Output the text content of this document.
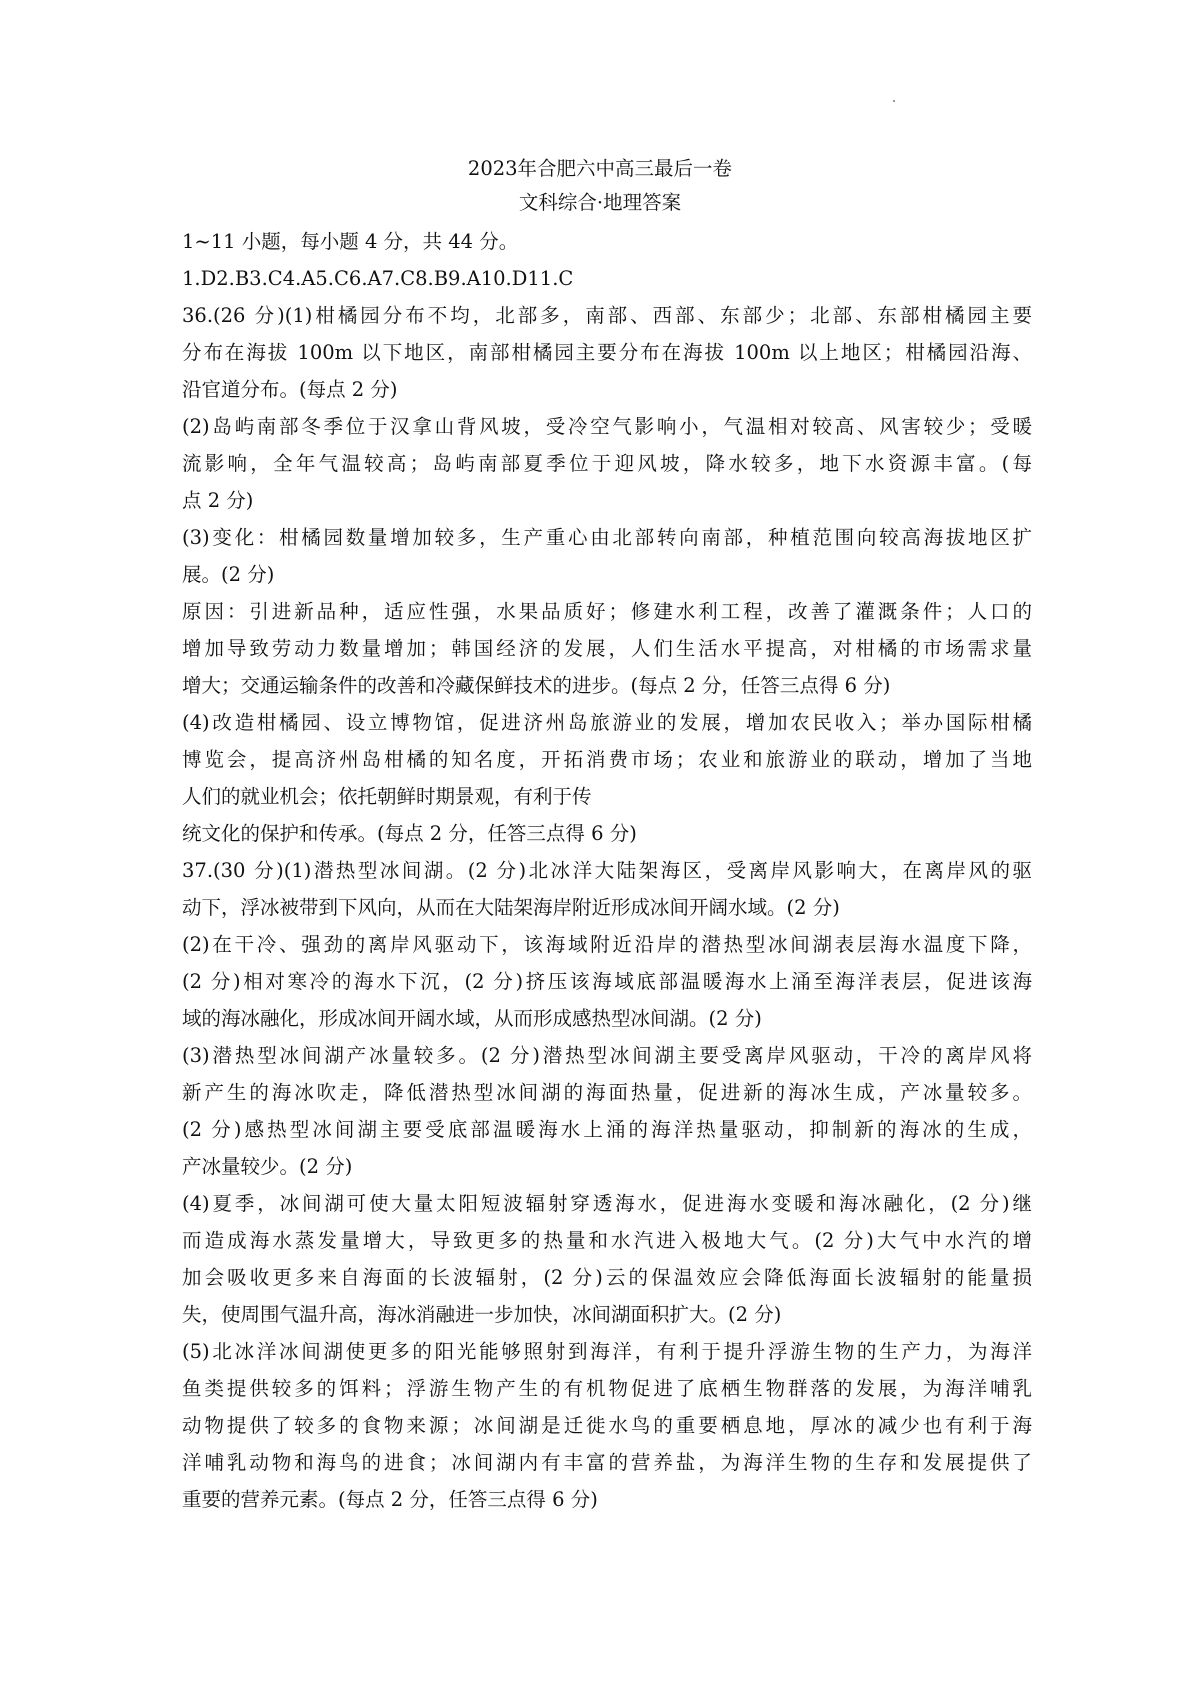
2023年合肥六中高三最后一卷
文科综合·地理答案
1~11 小题，每小题 4 分，共 44 分。
1.D2.B3.C4.A5.C6.A7.C8.B9.A10.D11.C
36.(26 分)(1)柑橘园分布不均，北部多，南部、西部、东部少；北部、东部柑橘园主要
分布在海拔 100m 以下地区，南部柑橘园主要分布在海拔 100m 以上地区；柑橘园沿海、
沿官道分布。(每点 2 分)
(2)岛屿南部冬季位于汉拿山背风坡，受冷空气影响小，气温相对较高、风害较少；受暖
流影响，全年气温较高；岛屿南部夏季位于迎风坡，降水较多，地下水资源丰富。(每
点 2 分)
(3)变化：柑橘园数量增加较多，生产重心由北部转向南部，种植范围向较高海拔地区扩
展。(2 分)
原因：引进新品种，适应性强，水果品质好；修建水利工程，改善了灌溉条件；人口的
增加导致劳动力数量增加；韩国经济的发展，人们生活水平提高，对柑橘的市场需求量
增大；交通运输条件的改善和冷藏保鲜技术的进步。(每点 2 分，任答三点得 6 分)
(4)改造柑橘园、设立博物馆，促进济州岛旅游业的发展，增加农民收入；举办国际柑橘
博览会，提高济州岛柑橘的知名度，开拓消费市场；农业和旅游业的联动，增加了当地
人们的就业机会；依托朝鲜时期景观，有利于传
统文化的保护和传承。(每点 2 分，任答三点得 6 分)
37.(30 分)(1)潜热型冰间湖。(2 分)北冰洋大陆架海区，受离岸风影响大，在离岸风的驱
动下，浮冰被带到下风向，从而在大陆架海岸附近形成冰间开阔水域。(2 分)
(2)在干冷、强劲的离岸风驱动下，该海域附近沿岸的潜热型冰间湖表层海水温度下降，
(2 分)相对寒冷的海水下沉，(2 分)挤压该海域底部温暖海水上涌至海洋表层，促进该海
域的海冰融化，形成冰间开阔水域，从而形成感热型冰间湖。(2 分)
(3)潜热型冰间湖产冰量较多。(2 分)潜热型冰间湖主要受离岸风驱动，干冷的离岸风将
新产生的海冰吹走，降低潜热型冰间湖的海面热量，促进新的海冰生成，产冰量较多。
(2 分)感热型冰间湖主要受底部温暖海水上涌的海洋热量驱动，抑制新的海冰的生成，
产冰量较少。(2 分)
(4)夏季，冰间湖可使大量太阳短波辐射穿透海水，促进海水变暖和海冰融化，(2 分)继
而造成海水蒸发量增大，导致更多的热量和水汽进入极地大气。(2 分)大气中水汽的增
加会吸收更多来自海面的长波辐射，(2 分)云的保温效应会降低海面长波辐射的能量损
失，使周围气温升高，海冰消融进一步加快，冰间湖面积扩大。(2 分)
(5)北冰洋冰间湖使更多的阳光能够照射到海洋，有利于提升浮游生物的生产力，为海洋
鱼类提供较多的饵料；浮游生物产生的有机物促进了底栖生物群落的发展，为海洋哺乳
动物提供了较多的食物来源；冰间湖是迁徙水鸟的重要栖息地，厚冰的减少也有利于海
洋哺乳动物和海鸟的进食；冰间湖内有丰富的营养盐，为海洋生物的生存和发展提供了
重要的营养元素。(每点 2 分，任答三点得 6 分)
